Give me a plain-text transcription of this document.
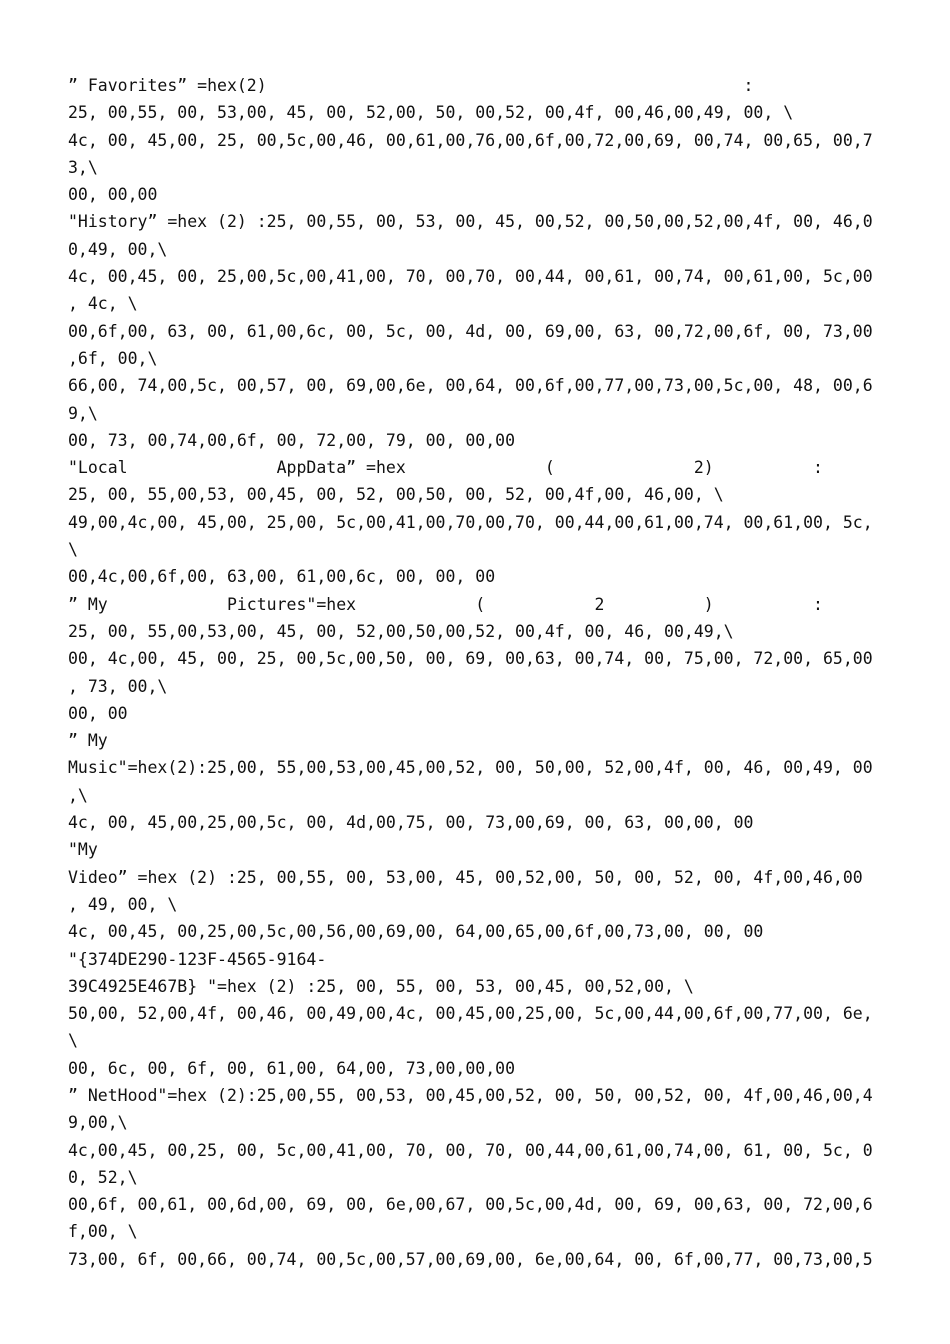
” Favorites” =hex(2)                                                :
25, 00,55, 00, 53,00, 45, 00, 52,00, 50, 00,52, 00,4f, 00,46,00,49, 00, \
4c, 00, 45,00, 25, 00,5c,00,46, 00,61,00,76,00,6f,00,72,00,69, 00,74, 00,65, 00,7
3,\
00, 00,00
"History” =hex (2) :25, 00,55, 00, 53, 00, 45, 00,52, 00,50,00,52,00,4f, 00, 46,0
0,49, 00,\
4c, 00,45, 00, 25,00,5c,00,41,00, 70, 00,70, 00,44, 00,61, 00,74, 00,61,00, 5c,00
, 4c, \
00,6f,00, 63, 00, 61,00,6c, 00, 5c, 00, 4d, 00, 69,00, 63, 00,72,00,6f, 00, 73,00
,6f, 00,\
66,00, 74,00,5c, 00,57, 00, 69,00,6e, 00,64, 00,6f,00,77,00,73,00,5c,00, 48, 00,6
9,\
00, 73, 00,74,00,6f, 00, 72,00, 79, 00, 00,00
"Local               AppData” =hex              (              2)          :
25, 00, 55,00,53, 00,45, 00, 52, 00,50, 00, 52, 00,4f,00, 46,00, \
49,00,4c,00, 45,00, 25,00, 5c,00,41,00,70,00,70, 00,44,00,61,00,74, 00,61,00, 5c,
\
00,4c,00,6f,00, 63,00, 61,00,6c, 00, 00, 00
” My            Pictures"=hex            (           2          )          :
25, 00, 55,00,53,00, 45, 00, 52,00,50,00,52, 00,4f, 00, 46, 00,49,\
00, 4c,00, 45, 00, 25, 00,5c,00,50, 00, 69, 00,63, 00,74, 00, 75,00, 72,00, 65,00
, 73, 00,\
00, 00
” My
Music"=hex(2):25,00, 55,00,53,00,45,00,52, 00, 50,00, 52,00,4f, 00, 46, 00,49, 00
,\
4c, 00, 45,00,25,00,5c, 00, 4d,00,75, 00, 73,00,69, 00, 63, 00,00, 00
"My
Video” =hex (2) :25, 00,55, 00, 53,00, 45, 00,52,00, 50, 00, 52, 00, 4f,00,46,00
, 49, 00, \
4c, 00,45, 00,25,00,5c,00,56,00,69,00, 64,00,65,00,6f,00,73,00, 00, 00
"{374DE290-123F-4565-9164-
39C4925E467B} "=hex (2) :25, 00, 55, 00, 53, 00,45, 00,52,00, \
50,00, 52,00,4f, 00,46, 00,49,00,4c, 00,45,00,25,00, 5c,00,44,00,6f,00,77,00, 6e,
\
00, 6c, 00, 6f, 00, 61,00, 64,00, 73,00,00,00
” NetHood"=hex (2):25,00,55, 00,53, 00,45,00,52, 00, 50, 00,52, 00, 4f,00,46,00,4
9,00,\
4c,00,45, 00,25, 00, 5c,00,41,00, 70, 00, 70, 00,44,00,61,00,74,00, 61, 00, 5c, 0
0, 52,\
00,6f, 00,61, 00,6d,00, 69, 00, 6e,00,67, 00,5c,00,4d, 00, 69, 00,63, 00, 72,00,6
f,00, \
73,00, 6f, 00,66, 00,74, 00,5c,00,57,00,69,00, 6e,00,64, 00, 6f,00,77, 00,73,00,5
